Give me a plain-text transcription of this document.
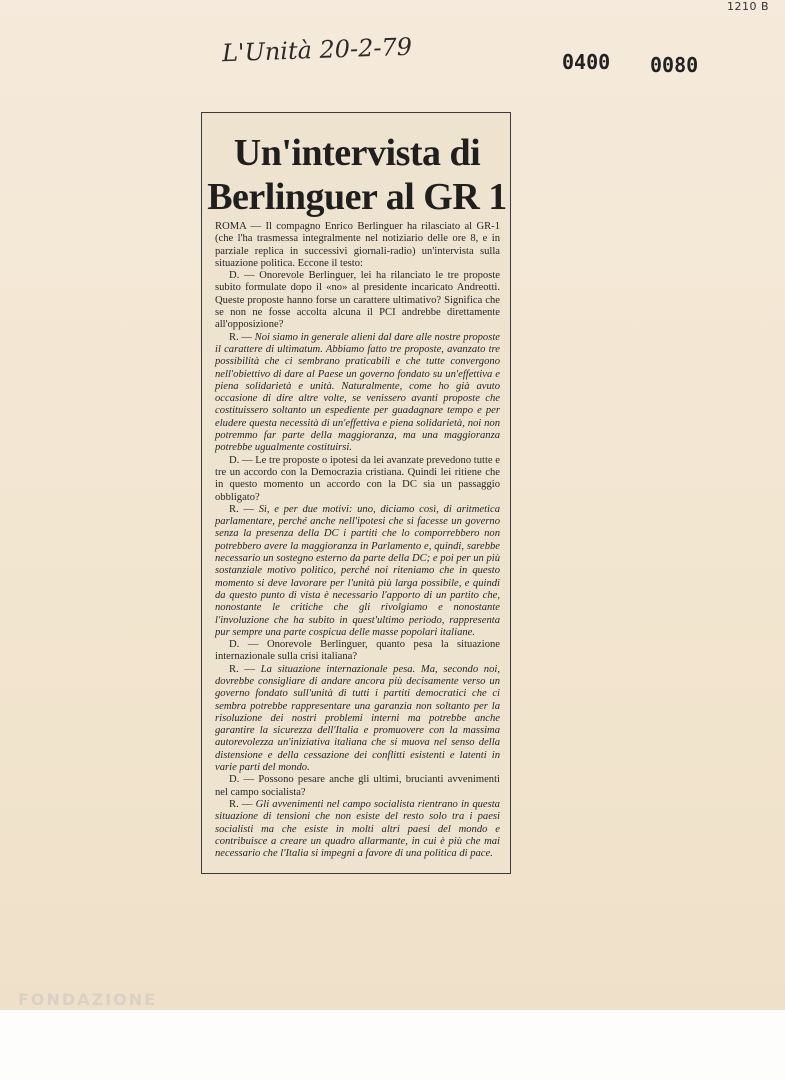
1210 B
L'Unità 20-2-79	0400 0080
Un'intervista di
Berlinguer al GR 1

ROMA — Il compagno Enrico Berlinguer ha rilasciato al GR-1 (che l'ha trasmessa integralmente nel notiziario delle ore 8, e in parziale replica in successivi giornali-radio) un'intervista sulla situazione politica. Eccone il testo:

D. — Onorevole Berlinguer, lei ha rilanciato le tre proposte subito formulate dopo il «no» al presidente incaricato Andreotti. Queste proposte hanno forse un carattere ultimativo? Significa che se non ne fosse accolta alcuna il PCI andrebbe direttamente all'opposizione?

R. — Noi siamo in generale alieni dal dare alle nostre proposte il carattere di ultimatum. Abbiamo fatto tre proposte, avanzato tre possibilità che ci sembrano praticabili e che tutte convergono nell'obiettivo di dare al Paese un governo fondato su un'effettiva e piena solidarietà e unità. Naturalmente, come ho già avuto occasione di dire altre volte, se venissero avanti proposte che costituissero soltanto un espediente per guadagnare tempo e per eludere questa necessità di un'effettiva e piena solidarietà, noi non potremmo far parte della maggioranza, ma una maggioranza potrebbe ugualmente costituirsi.

D. — Le tre proposte o ipotesi da lei avanzate prevedono tutte e tre un accordo con la Democrazia cristiana. Quindi lei ritiene che in questo momento un accordo con la DC sia un passaggio obbligato?

R. — Sì, e per due motivi: uno, diciamo così, di aritmetica parlamentare, perché anche nell'ipotesi che si facesse un governo senza la presenza della DC i partiti che lo comporrebbero non potrebbero avere la maggioranza in Parlamento e, quindi, sarebbe necessario un sostegno esterno da parte della DC; e poi per un più sostanziale motivo politico, perché noi riteniamo che in questo momento si deve lavorare per l'unità più larga possibile, e quindi da questo punto di vista è necessario l'apporto di un partito che, nonostante le critiche che gli rivolgiamo e nonostante l'involuzione che ha subito in quest'ultimo periodo, rappresenta pur sempre una parte cospicua delle masse popolari italiane.

D. — Onorevole Berlinguer, quanto pesa la situazione internazionale sulla crisi italiana?

R. — La situazione internazionale pesa. Ma, secondo noi, dovrebbe consigliare di andare ancora più decisamente verso un governo fondato sull'unità di tutti i partiti democratici che ci sembra potrebbe rappresentare una garanzia non soltanto per la risoluzione dei nostri problemi interni ma potrebbe anche garantire la sicurezza dell'Italia e promuovere con la massima autorevolezza un'iniziativa italiana che si muova nel senso della distensione e della cessazione dei conflitti esistenti e latenti in varie parti del mondo.

D. — Possono pesare anche gli ultimi, brucianti avvenimenti nel campo socialista?

R. — Gli avvenimenti nel campo socialista rientrano in questa situazione di tensioni che non esiste del resto solo tra i paesi socialisti ma che esiste in molti altri paesi del mondo e contribuisce a creare un quadro allarmante, in cui è più che mai necessario che l'Italia si impegni a favore di una politica di pace.

FONDAZIONE
